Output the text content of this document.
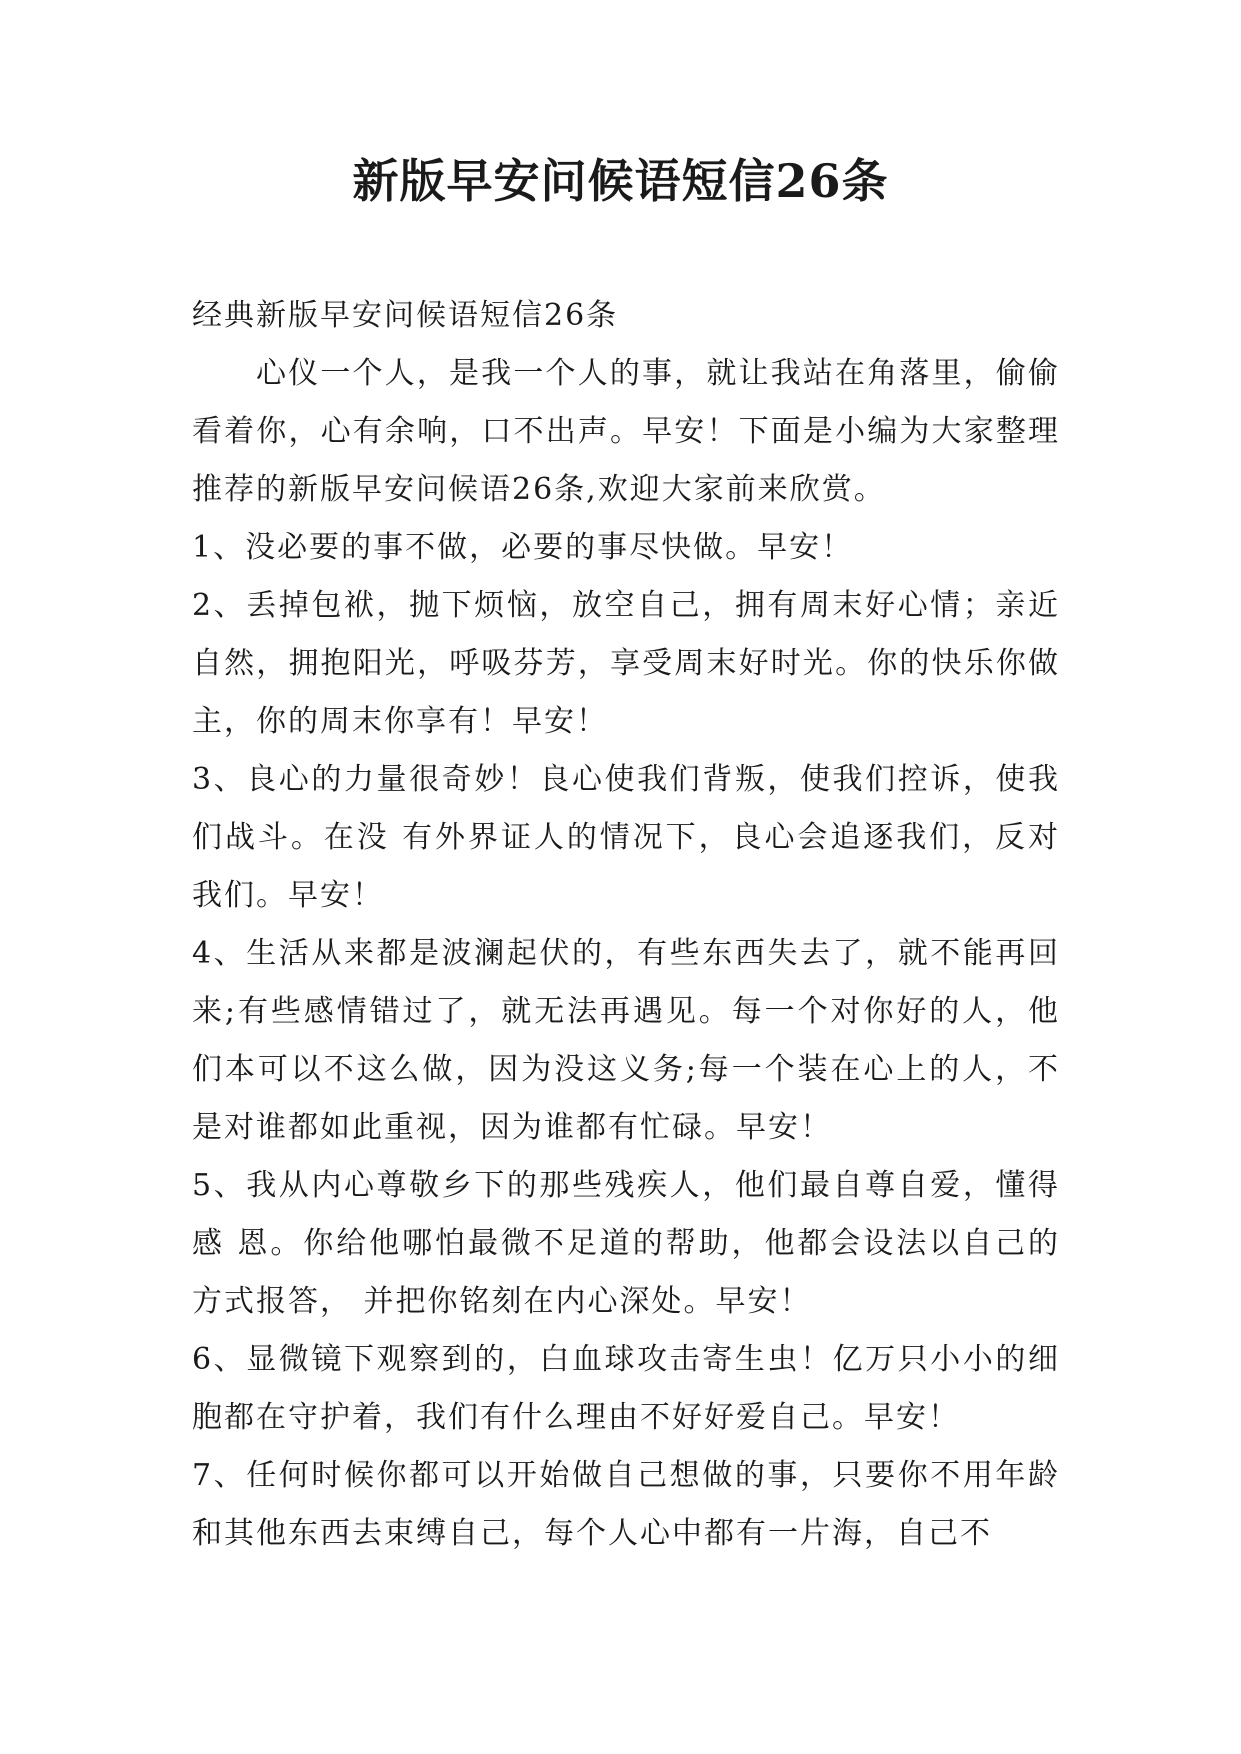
新版早安问候语短信26条

经典新版早安问候语短信26条

心仪一个人，是我一个人的事，就让我站在角落里，偷偷看着你，心有余响，口不出声。早安！下面是小编为大家整理推荐的新版早安问候语26条,欢迎大家前来欣赏。

1、没必要的事不做，必要的事尽快做。早安！

2、丢掉包袱，抛下烦恼，放空自己，拥有周末好心情；亲近自然，拥抱阳光，呼吸芬芳，享受周末好时光。你的快乐你做主，你的周末你享有！早安！

3、良心的力量很奇妙！良心使我们背叛，使我们控诉，使我们战斗。在没 有外界证人的情况下，良心会追逐我们，反对我们。早安！

4、生活从来都是波澜起伏的，有些东西失去了，就不能再回来;有些感情错过了，就无法再遇见。每一个对你好的人，他们本可以不这么做，因为没这义务;每一个装在心上的人，不是对谁都如此重视，因为谁都有忙碌。早安！

5、我从内心尊敬乡下的那些残疾人，他们最自尊自爱，懂得感 恩。你给他哪怕最微不足道的帮助，他都会设法以自己的方式报答， 并把你铭刻在内心深处。早安！

6、显微镜下观察到的，白血球攻击寄生虫！亿万只小小的细胞都在守护着，我们有什么理由不好好爱自己。早安！

7、任何时候你都可以开始做自己想做的事，只要你不用年龄和其他东西去束缚自己，每个人心中都有一片海，自己不
